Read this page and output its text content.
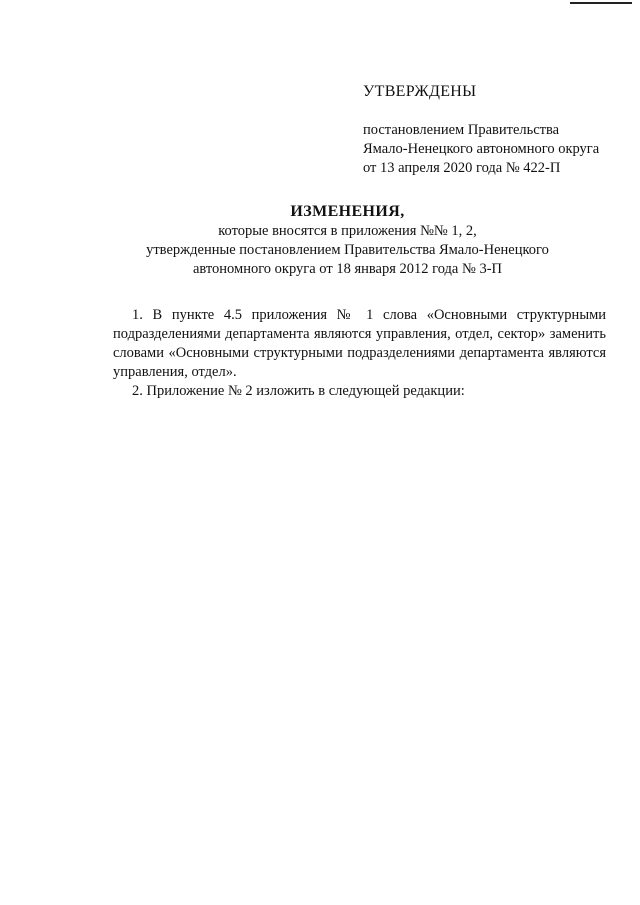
УТВЕРЖДЕНЫ

постановлением Правительства

Ямало-Ненецкого автономного округа

от 13 апреля 2020 года № 422-П

ИЗМЕНЕНИЯ,

которые вносятся в приложения №№ 1, 2,

утвержденные постановлением Правительства Ямало-Ненецкого

автономного округа от 18 января 2012 года № 3-П

1. В пункте 4.5 приложения № 1 слова «Основными структурными подразделениями департамента являются управления, отдел, сектор» заменить словами «Основными структурными подразделениями департамента являются управления, отдел».

2. Приложение № 2 изложить в следующей редакции:
